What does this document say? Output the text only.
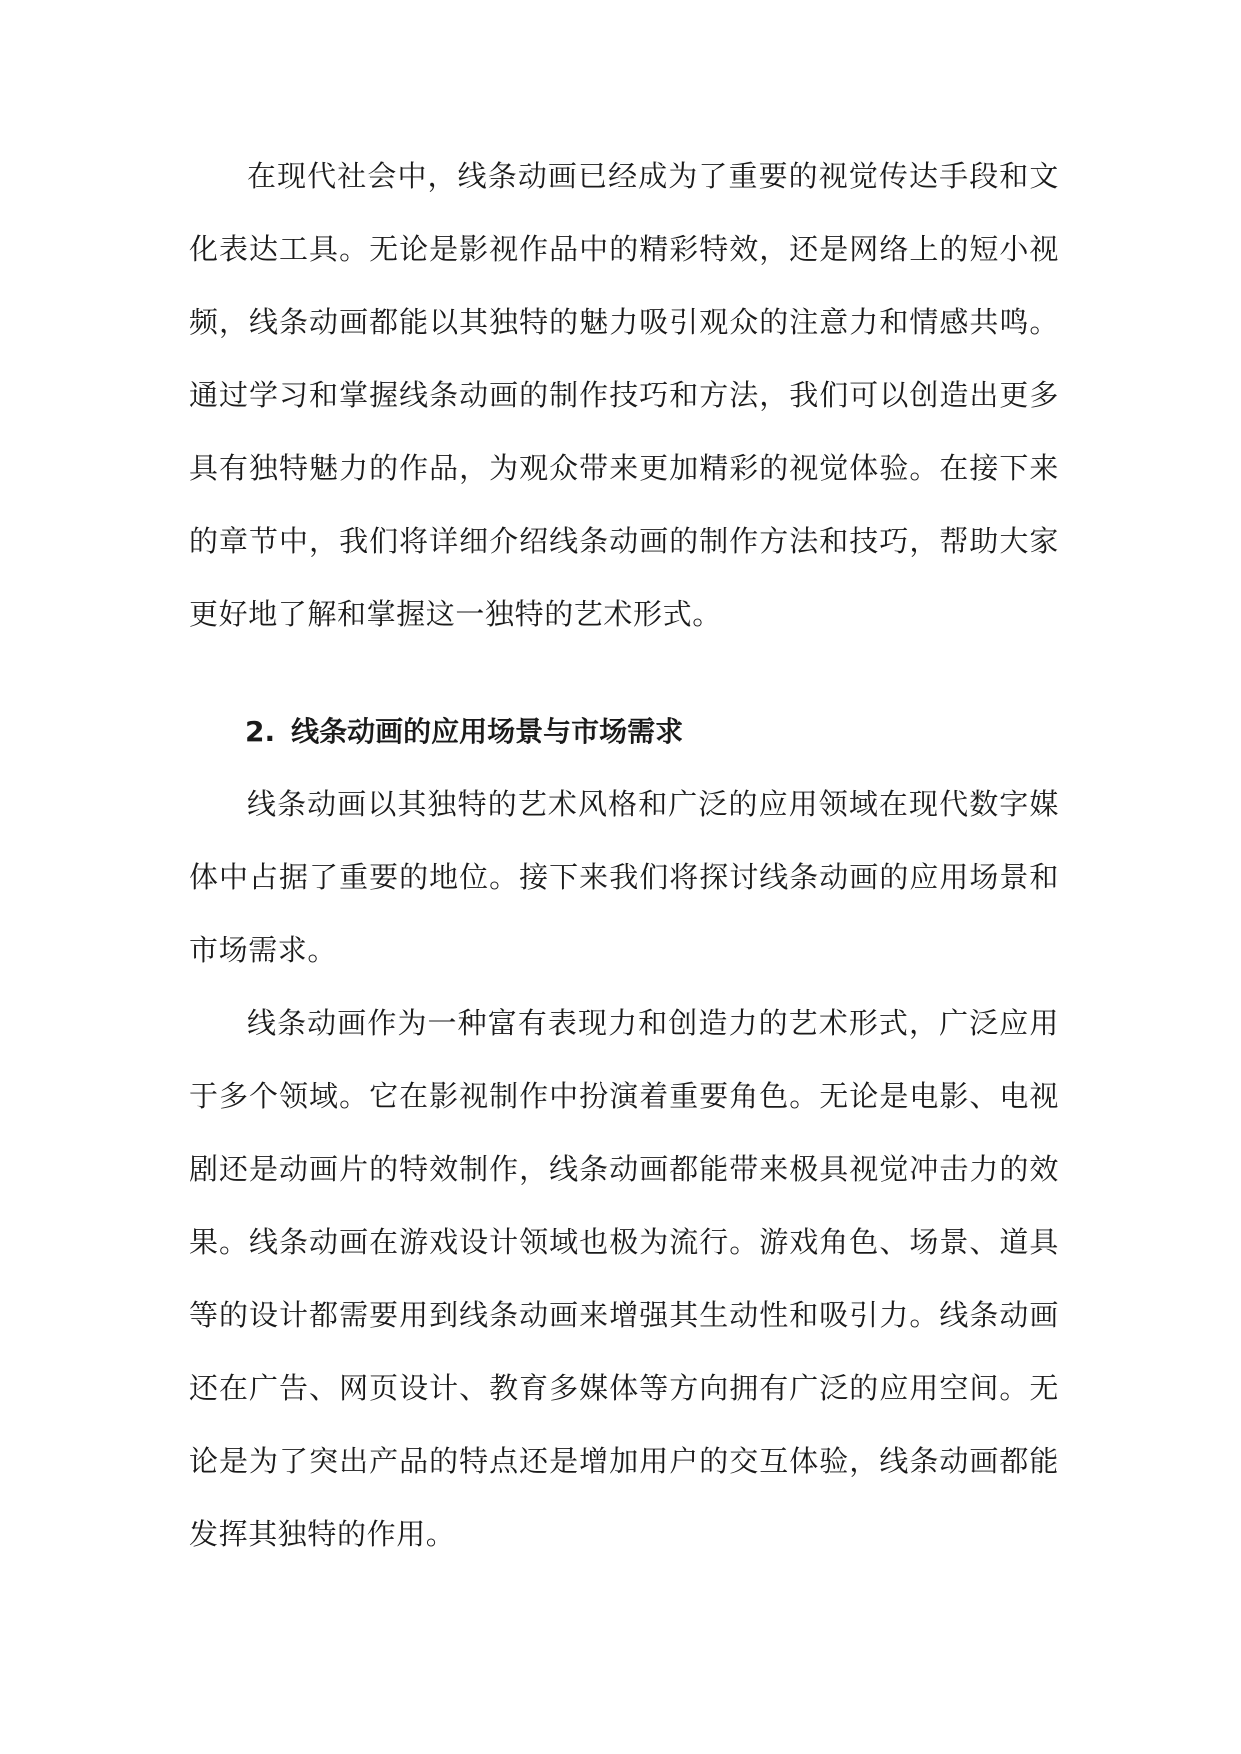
在现代社会中，线条动画已经成为了重要的视觉传达手段和文化表达工具。无论是影视作品中的精彩特效，还是网络上的短小视频，线条动画都能以其独特的魅力吸引观众的注意力和情感共鸣。通过学习和掌握线条动画的制作技巧和方法，我们可以创造出更多具有独特魅力的作品，为观众带来更加精彩的视觉体验。在接下来的章节中，我们将详细介绍线条动画的制作方法和技巧，帮助大家更好地了解和掌握这一独特的艺术形式。

2. 线条动画的应用场景与市场需求

线条动画以其独特的艺术风格和广泛的应用领域在现代数字媒体中占据了重要的地位。接下来我们将探讨线条动画的应用场景和市场需求。

线条动画作为一种富有表现力和创造力的艺术形式，广泛应用于多个领域。它在影视制作中扮演着重要角色。无论是电影、电视剧还是动画片的特效制作，线条动画都能带来极具视觉冲击力的效果。线条动画在游戏设计领域也极为流行。游戏角色、场景、道具等的设计都需要用到线条动画来增强其生动性和吸引力。线条动画还在广告、网页设计、教育多媒体等方向拥有广泛的应用空间。无论是为了突出产品的特点还是增加用户的交互体验，线条动画都能发挥其独特的作用。
